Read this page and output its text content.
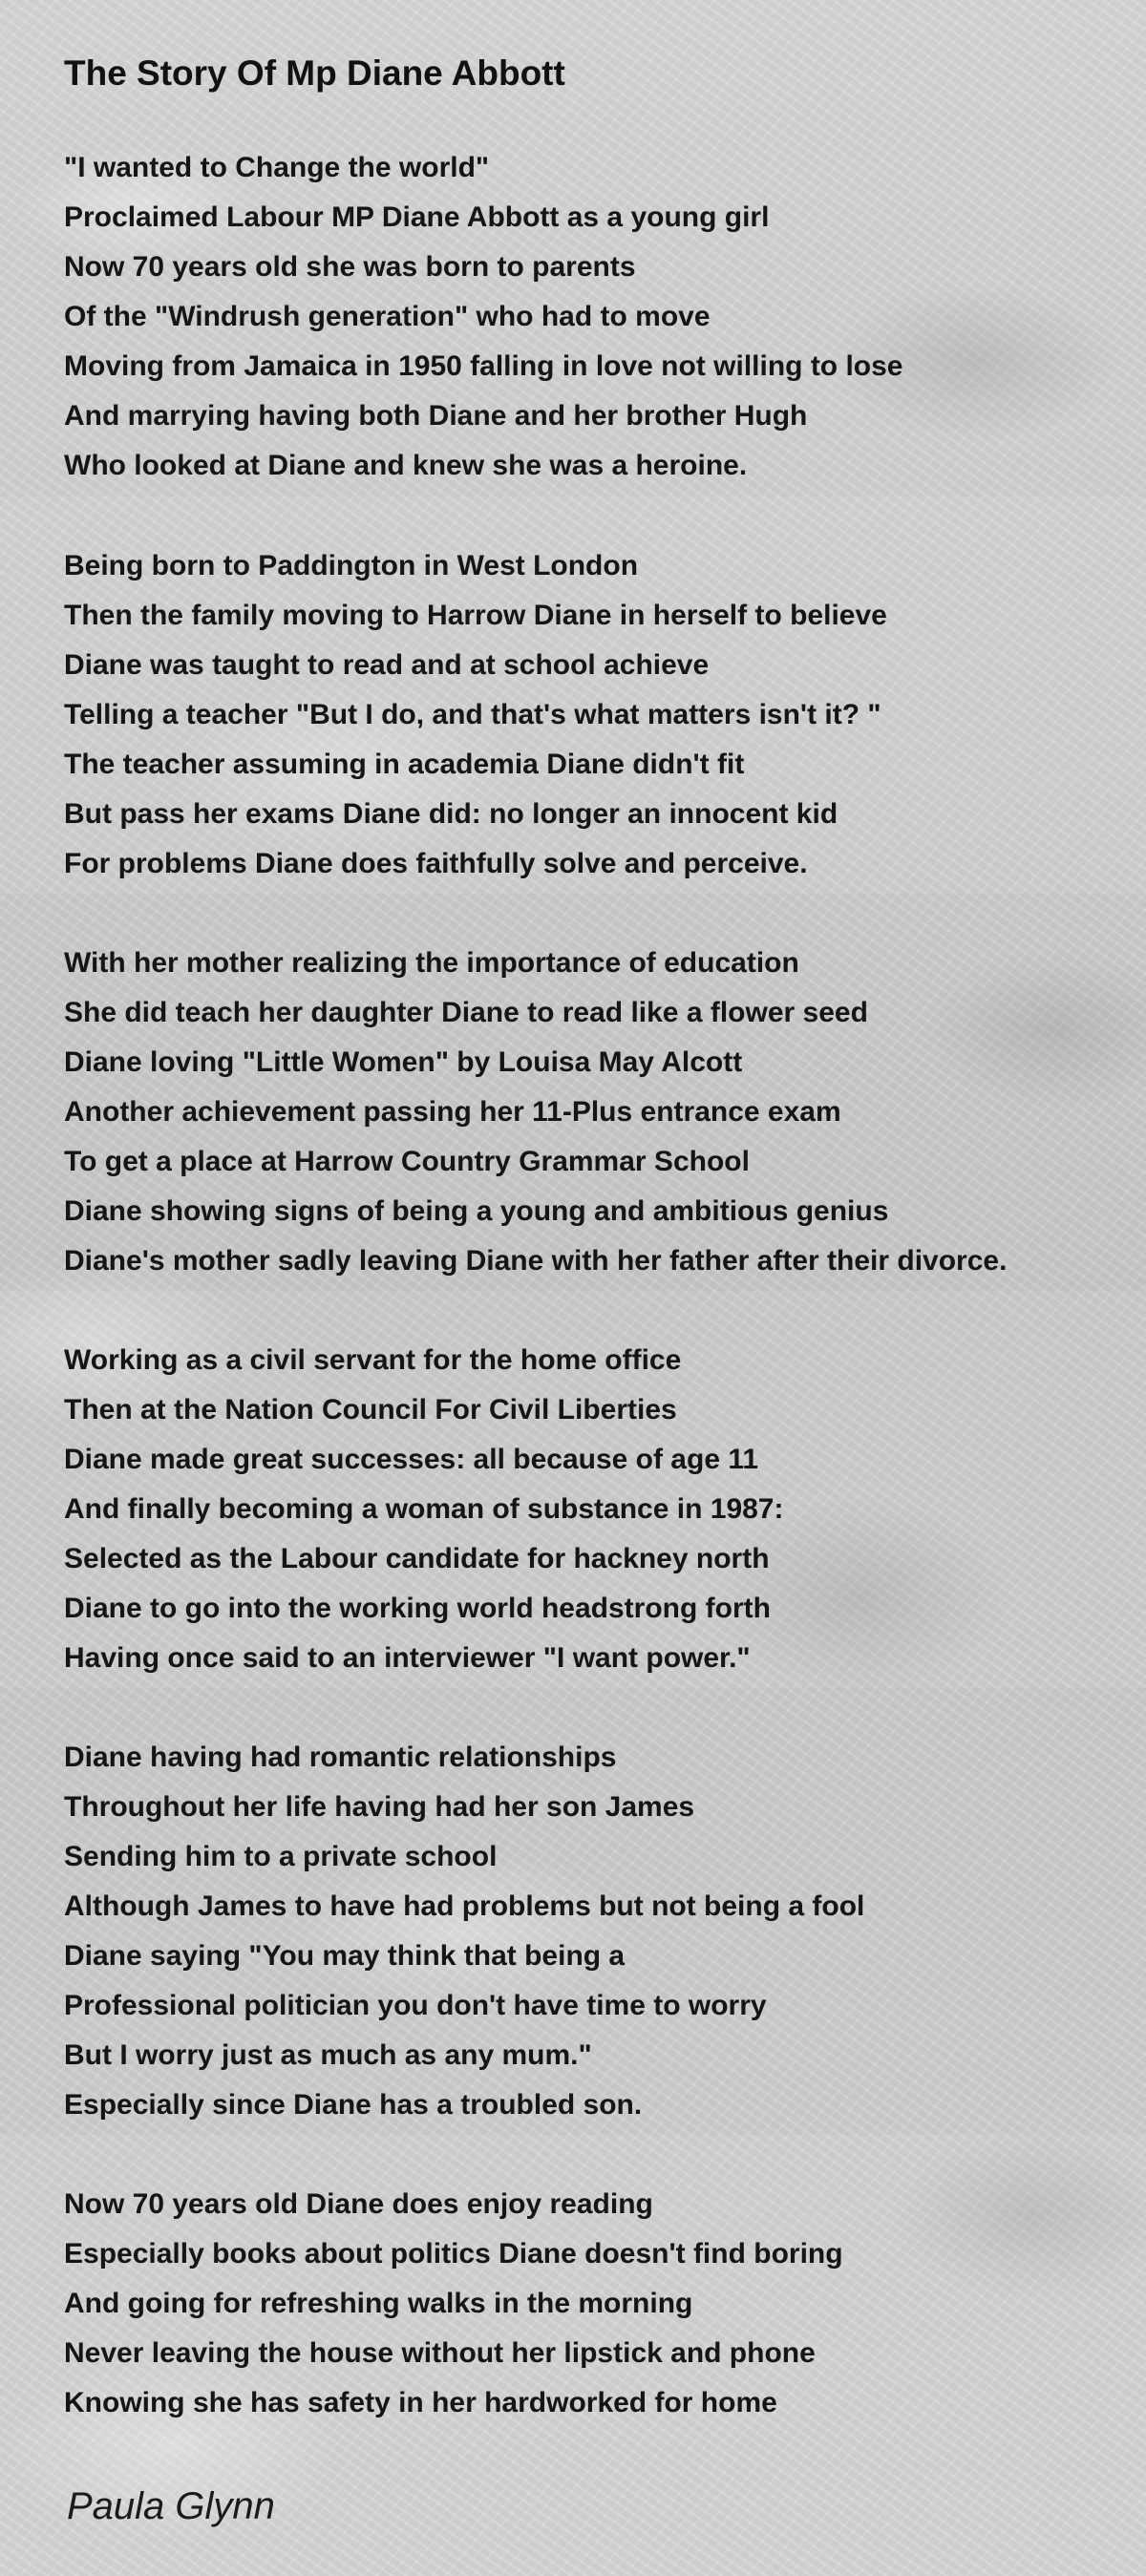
The Story Of Mp Diane Abbott
"I wanted to Change the world"
Proclaimed Labour MP Diane Abbott as a young girl
Now 70 years old she was born to parents
Of the "Windrush generation" who had to move
Moving from Jamaica in 1950 falling in love not willing to lose
And marrying having both Diane and her brother Hugh
Who looked at Diane and knew she was a heroine.
Being born to Paddington in West London
Then the family moving to Harrow Diane in herself to believe
Diane was taught to read and at school achieve
Telling a teacher "But I do, and that's what matters isn't it? "
The teacher assuming in academia Diane didn't fit
But pass her exams Diane did: no longer an innocent kid
For problems Diane does faithfully solve and perceive.
With her mother realizing the importance of education
She did teach her daughter Diane to read like a flower seed
Diane loving "Little Women" by Louisa May Alcott
Another achievement passing her 11-Plus entrance exam
To get a place at Harrow Country Grammar School
Diane showing signs of being a young and ambitious genius
Diane's mother sadly leaving Diane with her father after their divorce.
Working as a civil servant for the home office
Then at the Nation Council For Civil Liberties
Diane made great successes: all because of age 11
And finally becoming a woman of substance in 1987:
Selected as the Labour candidate for hackney north
Diane to go into the working world headstrong forth
Having once said to an interviewer "I want power."
Diane having had romantic relationships
Throughout her life having had her son James
Sending him to a private school
Although James to have had problems but not being a fool
Diane saying "You may think that being a
Professional politician you don't have time to worry
But I worry just as much as any mum."
Especially since Diane has a troubled son.
Now 70 years old Diane does enjoy reading
Especially books about politics Diane doesn't find boring
And going for refreshing walks in the morning
Never leaving the house without her lipstick and phone
Knowing she has safety in her hardworked for home
Paula Glynn
